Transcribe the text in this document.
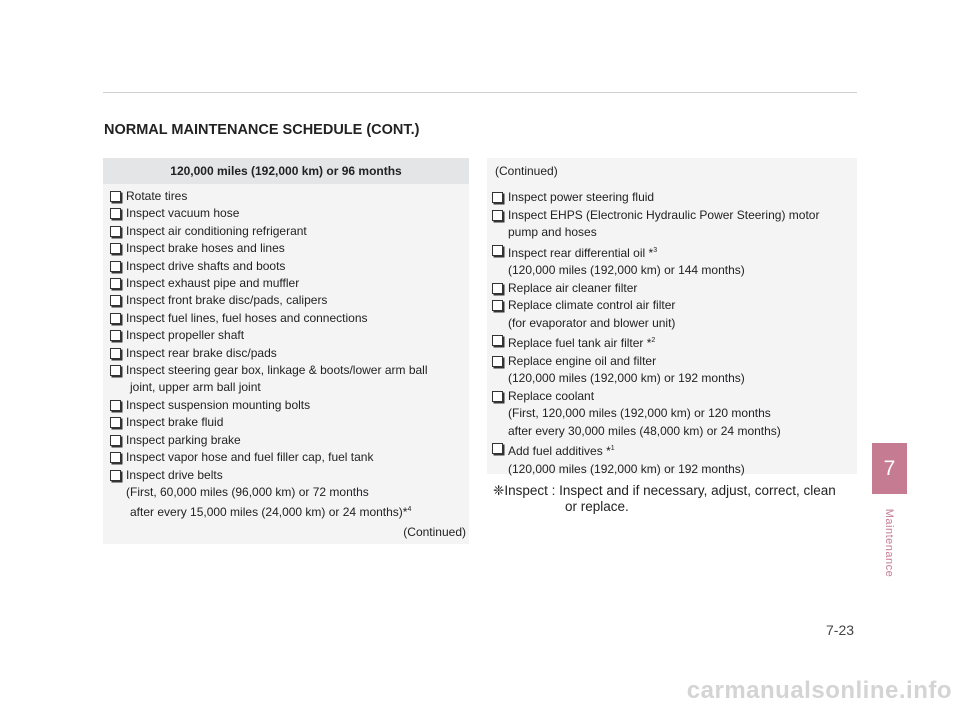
NORMAL MAINTENANCE SCHEDULE (CONT.)
120,000 miles (192,000 km) or 96 months
Rotate tires
Inspect vacuum hose
Inspect air conditioning refrigerant
Inspect brake hoses and lines
Inspect drive shafts and boots
Inspect exhaust pipe and muffler
Inspect front brake disc/pads, calipers
Inspect fuel lines, fuel hoses and connections
Inspect propeller shaft
Inspect rear brake disc/pads
Inspect steering gear box, linkage & boots/lower arm ball
joint, upper arm ball joint
Inspect suspension mounting bolts
Inspect brake fluid
Inspect parking brake
Inspect vapor hose and fuel filler cap, fuel tank
Inspect drive belts
(First, 60,000 miles (96,000 km) or 72 months
after every 15,000 miles (24,000 km) or 24 months)*$^4$
(Continued)
(Continued)
Inspect power steering fluid
Inspect EHPS (Electronic Hydraulic Power Steering) motor
pump and hoses
Inspect rear differential oil *$^3$
(120,000 miles (192,000 km) or 144 months)
Replace air cleaner filter
Replace climate control air filter
(for evaporator and blower unit)
Replace fuel tank air filter *$^2$
Replace engine oil and filter
(120,000 miles (192,000 km) or 192 months)
Replace coolant
(First, 120,000 miles (192,000 km) or 120 months
after every 30,000 miles (48,000 km) or 24 months)
Add fuel additives *$^1$
(120,000 miles (192,000 km) or 192 months)
❈Inspect : Inspect and if necessary, adjust, correct, clean
or replace.
7
Maintenance
7-23
carmanualsonline.info
